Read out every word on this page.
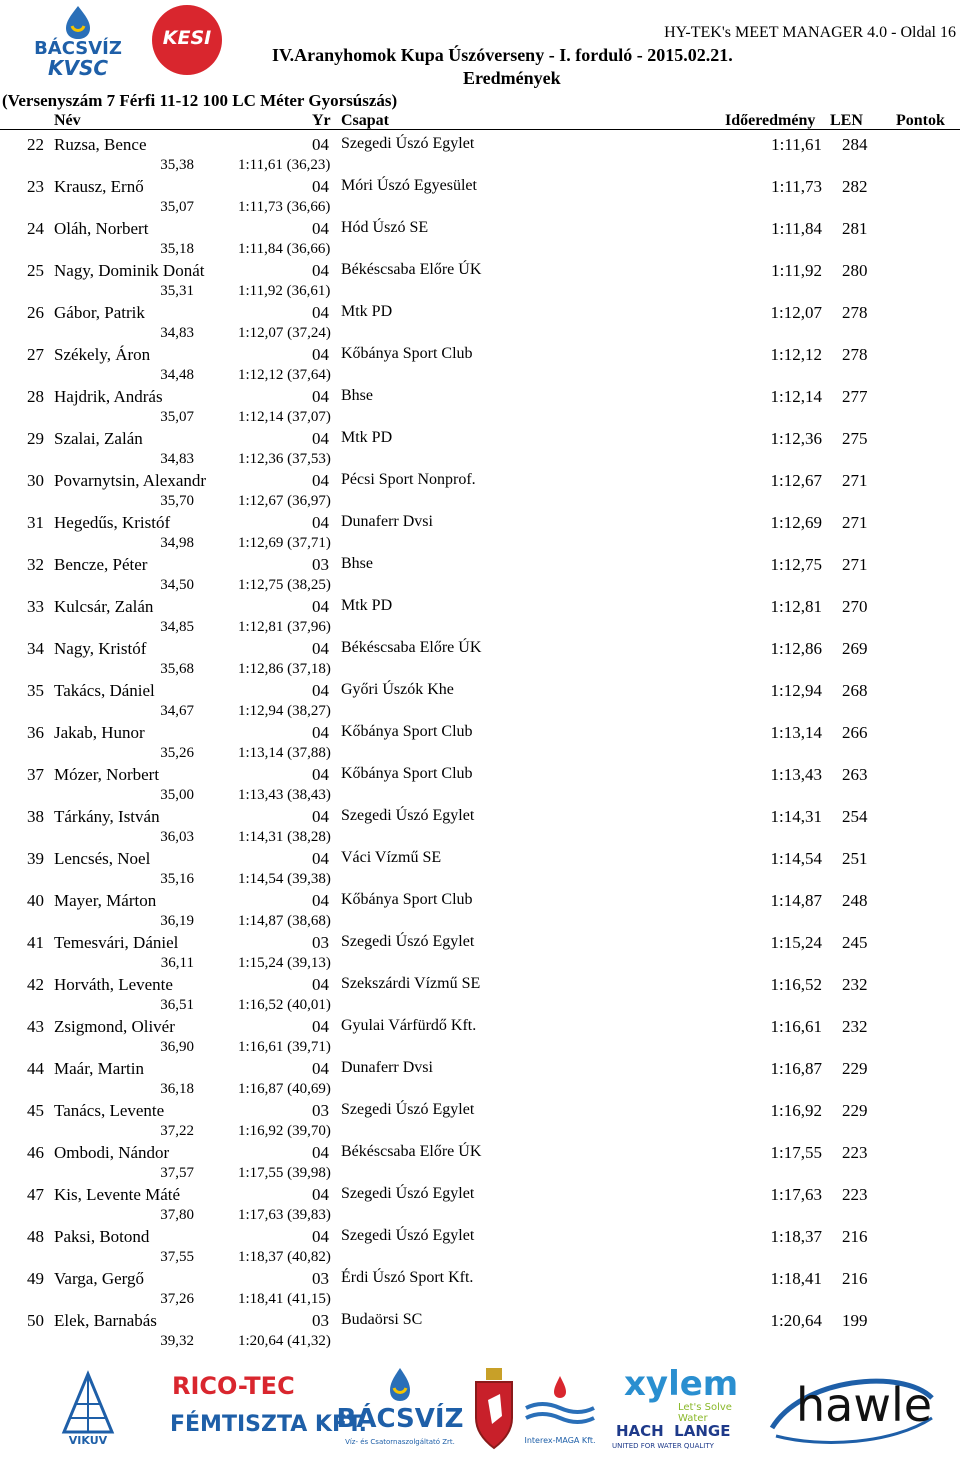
BÁCSVÍZ
KVSC
KESI	HY-TEK's MEET MANAGER 4.0 - Oldal 16
IV.Aranyhomok Kupa Úszóverseny - I. forduló - 2015.02.21.
Eredmények
(Versenyszám 7 Férfi 11-12 100 LC Méter Gyorsúszás)
Név	Yr Csapat	Időeredmény LEN Pontok
22 Ruzsa, Bence	04 Szegedi Úszó Egylet	1:11,61 284
35,38	1:11,61 (36,23)
23 Krausz, Ernő	04 Móri Úszó Egyesület	1:11,73 282
35,07	1:11,73 (36,66)
24 Oláh, Norbert	04 Hód Úszó SE	1:11,84 281
35,18	1:11,84 (36,66)
25 Nagy, Dominik Donát	04 Békéscsaba Előre ÚK	1:11,92 280
35,31	1:11,92 (36,61)
26 Gábor, Patrik	04 Mtk PD	1:12,07 278
34,83	1:12,07 (37,24)
27 Székely, Áron	04 Kőbánya Sport Club	1:12,12 278
34,48	1:12,12 (37,64)
28 Hajdrik, András	04 Bhse	1:12,14 277
35,07	1:12,14 (37,07)
29 Szalai, Zalán	04 Mtk PD	1:12,36 275
34,83	1:12,36 (37,53)
30 Povarnytsin, Alexandr	04 Pécsi Sport Nonprof.	1:12,67 271
35,70	1:12,67 (36,97)
31 Hegedűs, Kristóf	04 Dunaferr Dvsi	1:12,69 271
34,98	1:12,69 (37,71)
32 Bencze, Péter	03 Bhse	1:12,75 271
34,50	1:12,75 (38,25)
33 Kulcsár, Zalán	04 Mtk PD	1:12,81 270
34,85	1:12,81 (37,96)
34 Nagy, Kristóf	04 Békéscsaba Előre ÚK	1:12,86 269
35,68	1:12,86 (37,18)
35 Takács, Dániel	04 Győri Úszók Khe	1:12,94 268
34,67	1:12,94 (38,27)
36 Jakab, Hunor	04 Kőbánya Sport Club	1:13,14 266
35,26	1:13,14 (37,88)
37 Mózer, Norbert	04 Kőbánya Sport Club	1:13,43 263
35,00	1:13,43 (38,43)
38 Tárkány, István	04 Szegedi Úszó Egylet	1:14,31 254
36,03	1:14,31 (38,28)
39 Lencsés, Noel	04 Váci Vízmű SE	1:14,54 251
35,16	1:14,54 (39,38)
40 Mayer, Márton	04 Kőbánya Sport Club	1:14,87 248
36,19	1:14,87 (38,68)
41 Temesvári, Dániel	03 Szegedi Úszó Egylet	1:15,24 245
36,11	1:15,24 (39,13)
42 Horváth, Levente	04 Szekszárdi Vízmű SE	1:16,52 232
36,51	1:16,52 (40,01)
43 Zsigmond, Olivér	04 Gyulai Várfürdő Kft.	1:16,61 232
36,90	1:16,61 (39,71)
44 Maár, Martin	04 Dunaferr Dvsi	1:16,87 229
36,18	1:16,87 (40,69)
45 Tanács, Levente	03 Szegedi Úszó Egylet	1:16,92 229
37,22	1:16,92 (39,70)
46 Ombodi, Nándor	04 Békéscsaba Előre ÚK	1:17,55 223
37,57	1:17,55 (39,98)
47 Kis, Levente Máté	04 Szegedi Úszó Egylet	1:17,63 223
37,80	1:17,63 (39,83)
48 Paksi, Botond	04 Szegedi Úszó Egylet	1:18,37 216
37,55	1:18,37 (40,82)
49 Varga, Gergő	03 Érdi Úszó Sport Kft.	1:18,41 216
37,26	1:18,41 (41,15)
50 Elek, Barnabás	03 Budaörsi SC	1:20,64 199
39,32	1:20,64 (41,32)
VIKUV
RICO-TEC
FÉMTISZTA KFT.
BÁCSVÍZ
Víz- és Csatornaszolgáltató Zrt.	Interex-MAGA Kft.
xylem
Let's Solve Water
HACH  LANGE
UNITED FOR WATER QUALITY
hawle
